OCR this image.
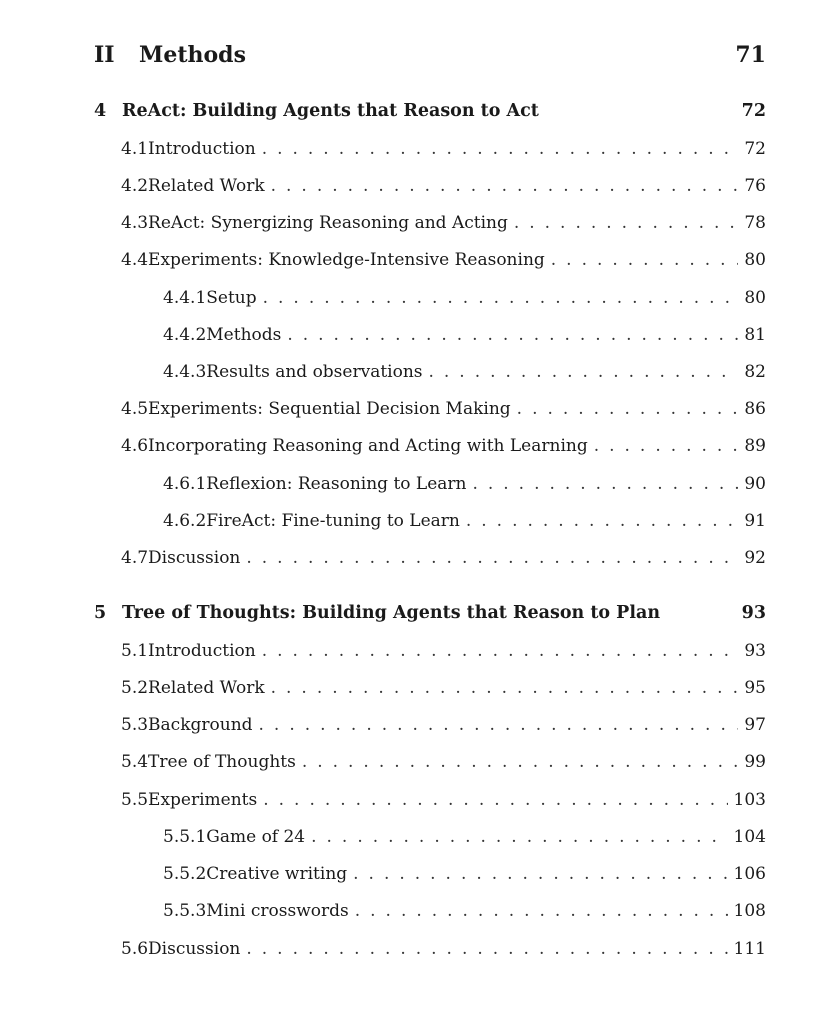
II	Methods	71
4 ReAct: Building Agents that Reason to Act	72
4.1 Introduction . . .	72
4.2 Related Work . . .	76
4.3 ReAct: Synergizing Reasoning and Acting . . .	78
4.4 Experiments: Knowledge-Intensive Reasoning . . .	80
4.4.1 Setup . . .	80
4.4.2 Methods . . .	81
4.4.3 Results and observations . . .	82
4.5 Experiments: Sequential Decision Making . . .	86
4.6 Incorporating Reasoning and Acting with Learning . . .	89
4.6.1 Reflexion: Reasoning to Learn . . .	90
4.6.2 FireAct: Fine-tuning to Learn . . .	91
4.7 Discussion . . .	92
5 Tree of Thoughts: Building Agents that Reason to Plan	93
5.1 Introduction . . .	93
5.2 Related Work . . .	95
5.3 Background . . .	97
5.4 Tree of Thoughts . . .	99
5.5 Experiments . . .	103
5.5.1 Game of 24 . . .	104
5.5.2 Creative writing . . .	106
5.5.3 Mini crosswords . . .	108
5.6 Discussion . . .	111
